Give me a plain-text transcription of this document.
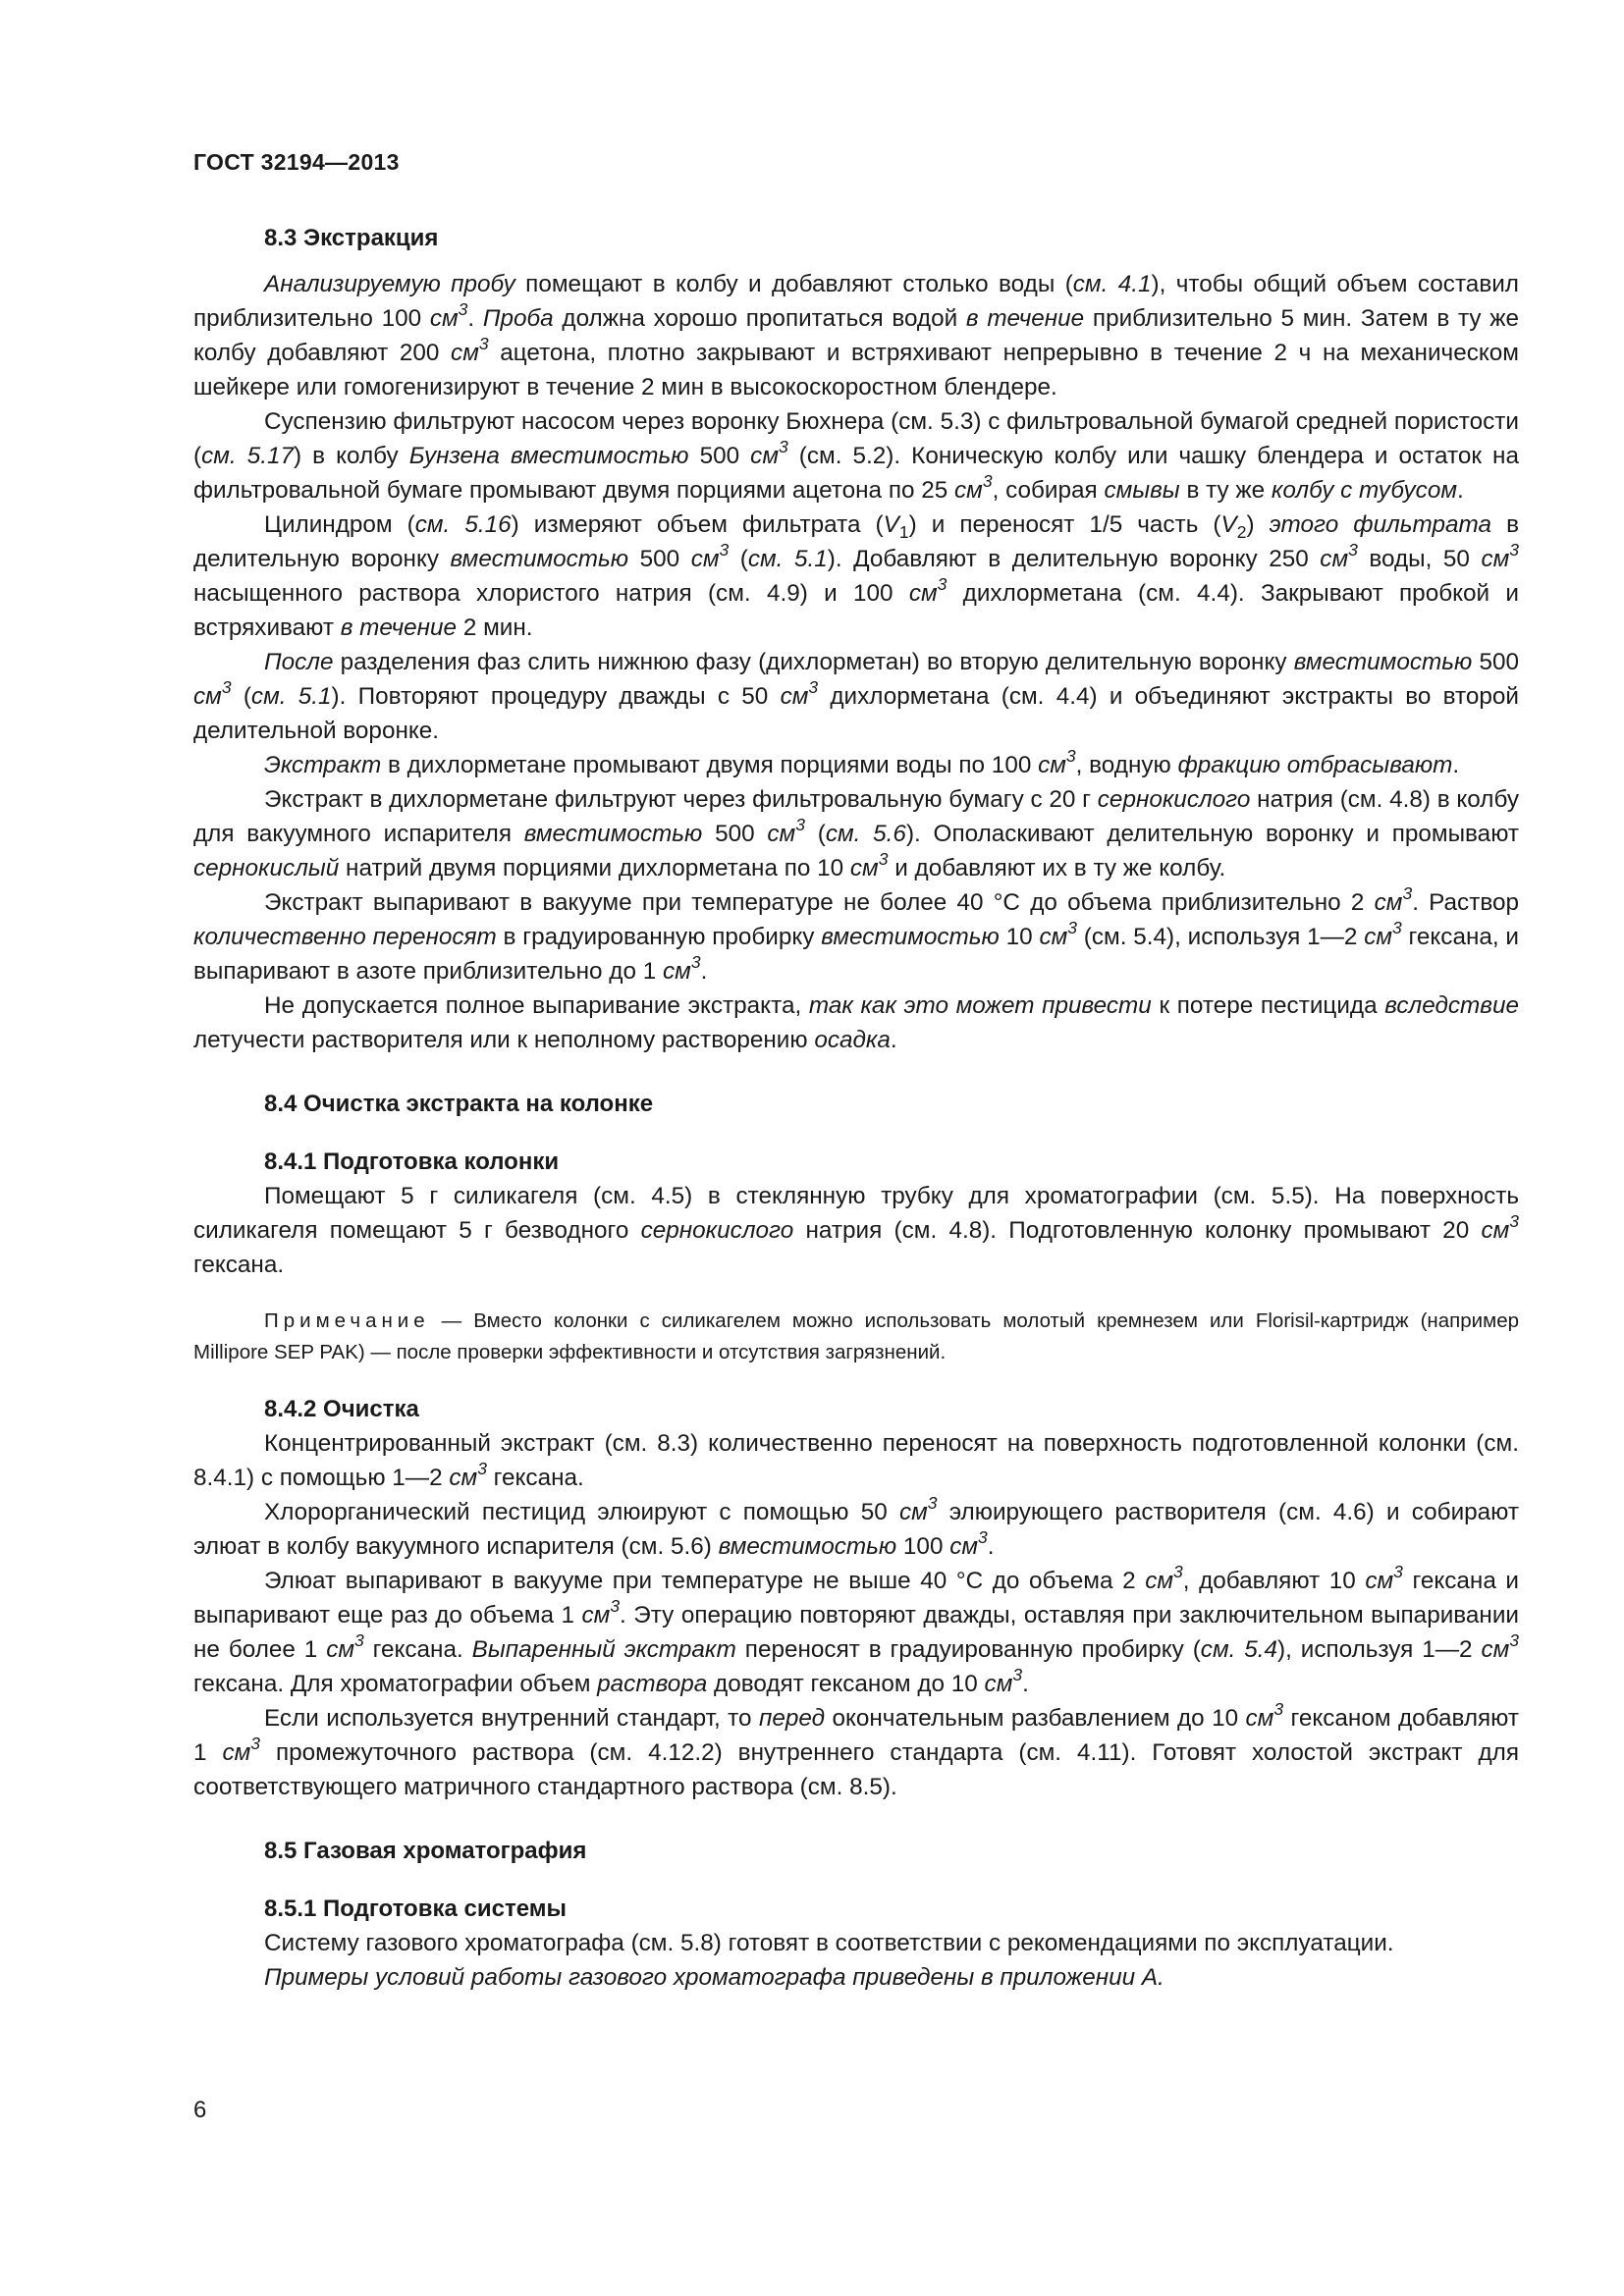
ГОСТ 32194—2013
8.3 Экстракция

Анализируемую пробу помещают в колбу и добавляют столько воды (см. 4.1), чтобы общий объем составил приблизительно 100 $см^3$. Проба должна хорошо пропитаться водой в течение приблизительно 5 мин. Затем в ту же колбу добавляют 200 $см^3$ ацетона, плотно закрывают и встряхивают непрерывно в течение 2 ч на механическом шейкере или гомогенизируют в течение 2 мин в высокоскоростном блендере.

Суспензию фильтруют насосом через воронку Бюхнера (см. 5.3) с фильтровальной бумагой средней пористости (см. 5.17) в колбу Бунзена вместимостью 500 $см^3$ (см. 5.2). Коническую колбу или чашку блендера и остаток на фильтровальной бумаге промывают двумя порциями ацетона по 25 $см^3$, собирая смывы в ту же колбу с тубусом.

Цилиндром (см. 5.16) измеряют объем фильтрата $(V_1)$ и переносят 1/5 часть $(V_2)$ этого фильтрата в делительную воронку вместимостью 500 $см^3$ (см. 5.1). Добавляют в делительную воронку 250 $см^3$ воды, 50 $см^3$ насыщенного раствора хлористого натрия (см. 4.9) и 100 $см^3$ дихлорметана (см. 4.4). Закрывают пробкой и встряхивают в течение 2 мин.

После разделения фаз слить нижнюю фазу (дихлорметан) во вторую делительную воронку вместимостью 500 $см^3$ (см. 5.1). Повторяют процедуру дважды с 50 $см^3$ дихлорметана (см. 4.4) и объединяют экстракты во второй делительной воронке.

Экстракт в дихлорметане промывают двумя порциями воды по 100 $см^3$, водную фракцию отбрасывают.

Экстракт в дихлорметане фильтруют через фильтровальную бумагу с 20 г сернокислого натрия (см. 4.8) в колбу для вакуумного испарителя вместимостью 500 $см^3$ (см. 5.6). Ополаскивают делительную воронку и промывают сернокислый натрий двумя порциями дихлорметана по 10 $см^3$ и добавляют их в ту же колбу.

Экстракт выпаривают в вакууме при температуре не более 40 °C до объема приблизительно 2 $см^3$. Раствор количественно переносят в градуированную пробирку вместимостью 10 $см^3$ (см. 5.4), используя 1—2 $см^3$ гексана, и выпаривают в азоте приблизительно до 1 $см^3$.

Не допускается полное выпаривание экстракта, так как это может привести к потере пестицида вследствие летучести растворителя или к неполному растворению осадка.

8.4 Очистка экстракта на колонке
8.4.1 Подготовка колонки

Помещают 5 г силикагеля (см. 4.5) в стеклянную трубку для хроматографии (см. 5.5). На поверхность силикагеля помещают 5 г безводного сернокислого натрия (см. 4.8). Подготовленную колонку промывают 20 $см^3$ гексана.

Примечание — Вместо колонки с силикагелем можно использовать молотый кремнезем или Florisil-картридж (например Millipore SEP PAK) — после проверки эффективности и отсутствия загрязнений.

8.4.2 Очистка

Концентрированный экстракт (см. 8.3) количественно переносят на поверхность подготовленной колонки (см. 8.4.1) с помощью 1—2 $см^3$ гексана.

Хлорорганический пестицид элюируют с помощью 50 $см^3$ элюирующего растворителя (см. 4.6) и собирают элюат в колбу вакуумного испарителя (см. 5.6) вместимостью 100 $см^3$.

Элюат выпаривают в вакууме при температуре не выше 40 °C до объема 2 $см^3$, добавляют 10 $см^3$ гексана и выпаривают еще раз до объема 1 $см^3$. Эту операцию повторяют дважды, оставляя при заключительном выпаривании не более 1 $см^3$ гексана. Выпаренный экстракт переносят в градуированную пробирку (см. 5.4), используя 1—2 $см^3$ гексана. Для хроматографии объем раствора доводят гексаном до 10 $см^3$.

Если используется внутренний стандарт, то перед окончательным разбавлением до 10 $см^3$ гексаном добавляют 1 $см^3$ промежуточного раствора (см. 4.12.2) внутреннего стандарта (см. 4.11). Готовят холостой экстракт для соответствующего матричного стандартного раствора (см. 8.5).

8.5 Газовая хроматография
8.5.1 Подготовка системы

Систему газового хроматографа (см. 5.8) готовят в соответствии с рекомендациями по эксплуатации.

Примеры условий работы газового хроматографа приведены в приложении А.

6
